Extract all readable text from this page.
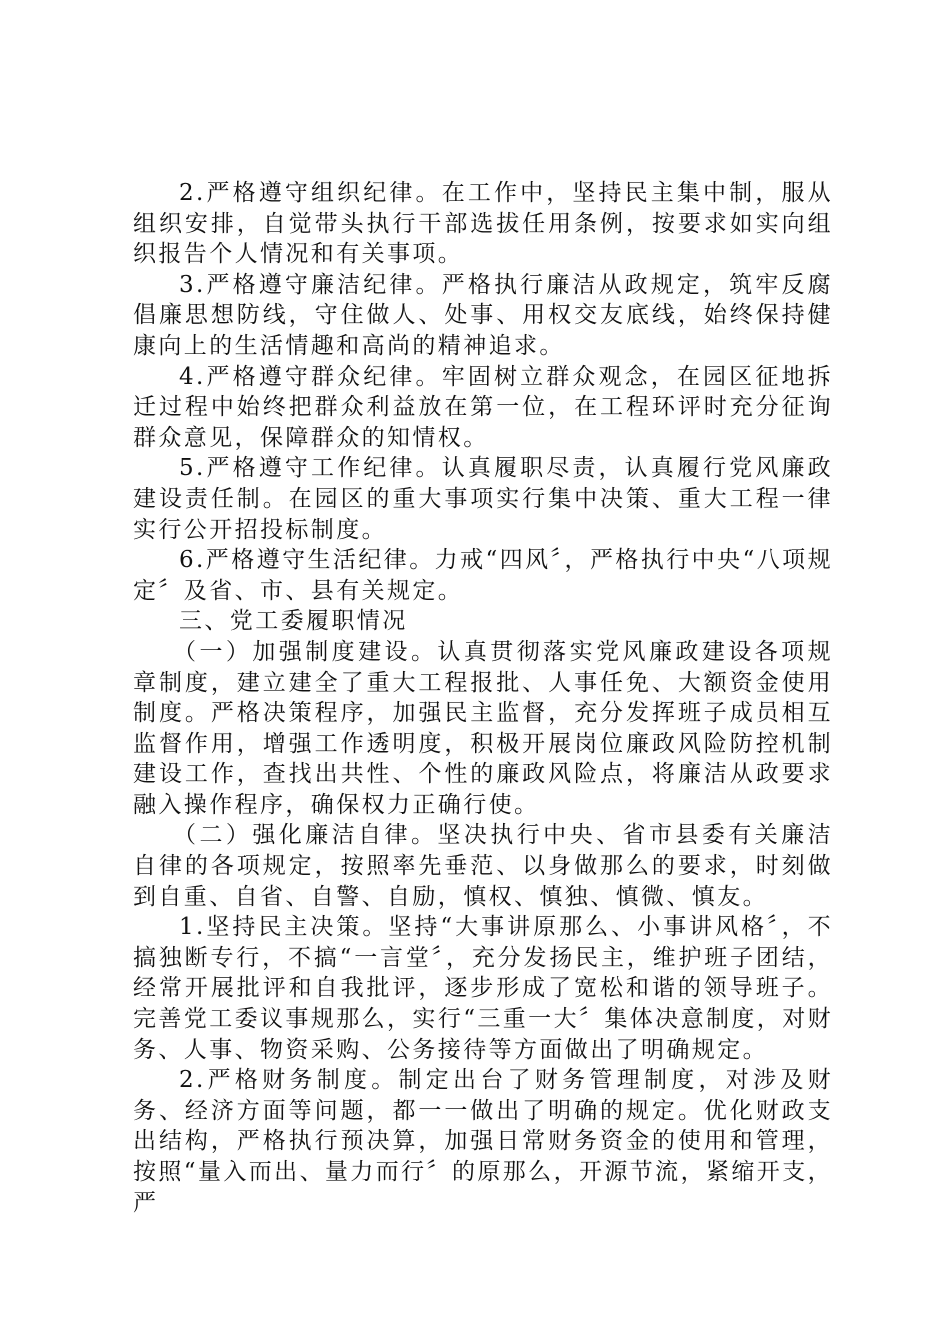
2.严格遵守组织纪律。在工作中，坚持民主集中制，服从组织安排，自觉带头执行干部选拔任用条例，按要求如实向组织报告个人情况和有关事项。

3.严格遵守廉洁纪律。严格执行廉洁从政规定，筑牢反腐倡廉思想防线，守住做人、处事、用权交友底线，始终保持健康向上的生活情趣和高尚的精神追求。

4.严格遵守群众纪律。牢固树立群众观念，在园区征地拆迁过程中始终把群众利益放在第一位，在工程环评时充分征询群众意见，保障群众的知情权。

5.严格遵守工作纪律。认真履职尽责，认真履行党风廉政建设责任制。在园区的重大事项实行集中决策、重大工程一律实行公开招投标制度。

6.严格遵守生活纪律。力戒“四风〞，严格执行中央“八项规定〞及省、市、县有关规定。

三、党工委履职情况

（一）加强制度建设。认真贯彻落实党风廉政建设各项规章制度，建立建全了重大工程报批、人事任免、大额资金使用制度。严格决策程序，加强民主监督，充分发挥班子成员相互监督作用，增强工作透明度，积极开展岗位廉政风险防控机制建设工作，查找出共性、个性的廉政风险点，将廉洁从政要求融入操作程序，确保权力正确行使。

（二）强化廉洁自律。坚决执行中央、省市县委有关廉洁自律的各项规定，按照率先垂范、以身做那么的要求，时刻做到自重、自省、自警、自励，慎权、慎独、慎微、慎友。

1.坚持民主决策。坚持“大事讲原那么、小事讲风格〞，不搞独断专行，不搞“一言堂〞，充分发扬民主，维护班子团结，经常开展批评和自我批评，逐步形成了宽松和谐的领导班子。完善党工委议事规那么，实行“三重一大〞集体决意制度，对财务、人事、物资采购、公务接待等方面做出了明确规定。

2.严格财务制度。制定出台了财务管理制度，对涉及财务、经济方面等问题，都一一做出了明确的规定。优化财政支出结构，严格执行预决算，加强日常财务资金的使用和管理，按照“量入而出、量力而行〞的原那么，开源节流，紧缩开支，严
